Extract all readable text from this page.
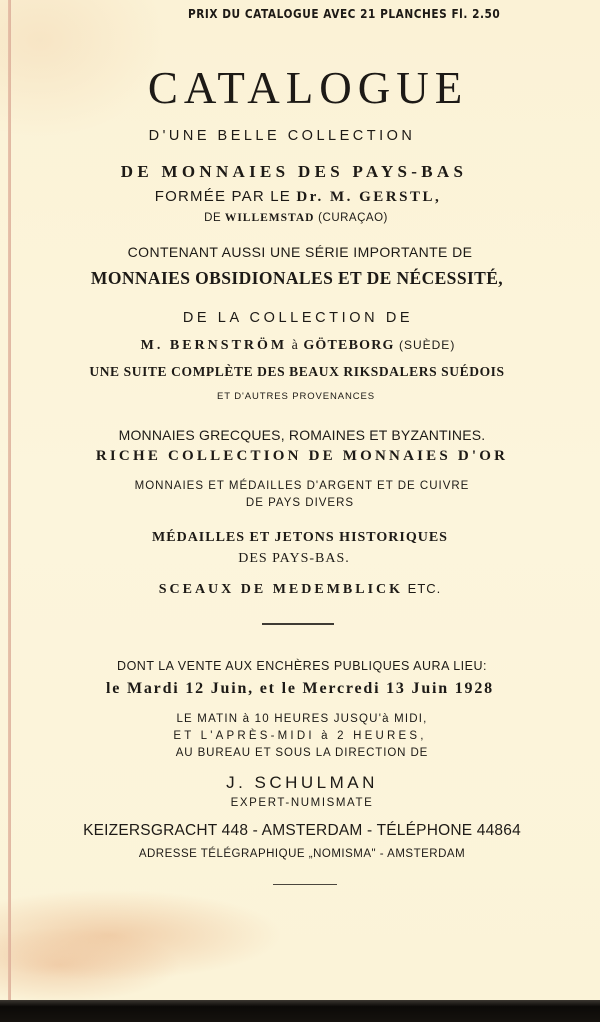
PRIX DU CATALOGUE AVEC 21 PLANCHES Fl. 2.50
CATALOGUE
D'UNE BELLE COLLECTION
DE MONNAIES DES PAYS-BAS
FORMÉE PAR LE Dr. M. GERSTL,
DE WILLEMSTAD (CURAÇAO)
CONTENANT AUSSI UNE SÉRIE IMPORTANTE DE
MONNAIES OBSIDIONALES ET DE NÉCESSITÉ,
DE LA COLLECTION DE
M. BERNSTRÖM à GÖTEBORG (SUÈDE)
UNE SUITE COMPLÈTE DES BEAUX RIKSDALERS SUÉDOIS
ET D'AUTRES PROVENANCES
MONNAIES GRECQUES, ROMAINES ET BYZANTINES.
RICHE COLLECTION DE MONNAIES D'OR
MONNAIES ET MÉDAILLES D'ARGENT ET DE CUIVRE
DE PAYS DIVERS
MÉDAILLES ET JETONS HISTORIQUES
DES PAYS-BAS.
SCEAUX DE MEDEMBLICK ETC.
DONT LA VENTE AUX ENCHÈRES PUBLIQUES AURA LIEU:
le Mardi 12 Juin, et le Mercredi 13 Juin 1928
LE MATIN à 10 HEURES JUSQU'à MIDI,
ET L'APRÈS-MIDI à 2 HEURES,
AU BUREAU ET SOUS LA DIRECTION DE
J. SCHULMAN
EXPERT-NUMISMATE
KEIZERSGRACHT 448 - AMSTERDAM - TÉLÉPHONE 44864
ADRESSE TÉLÉGRAPHIQUE „NOMISMA" - AMSTERDAM
